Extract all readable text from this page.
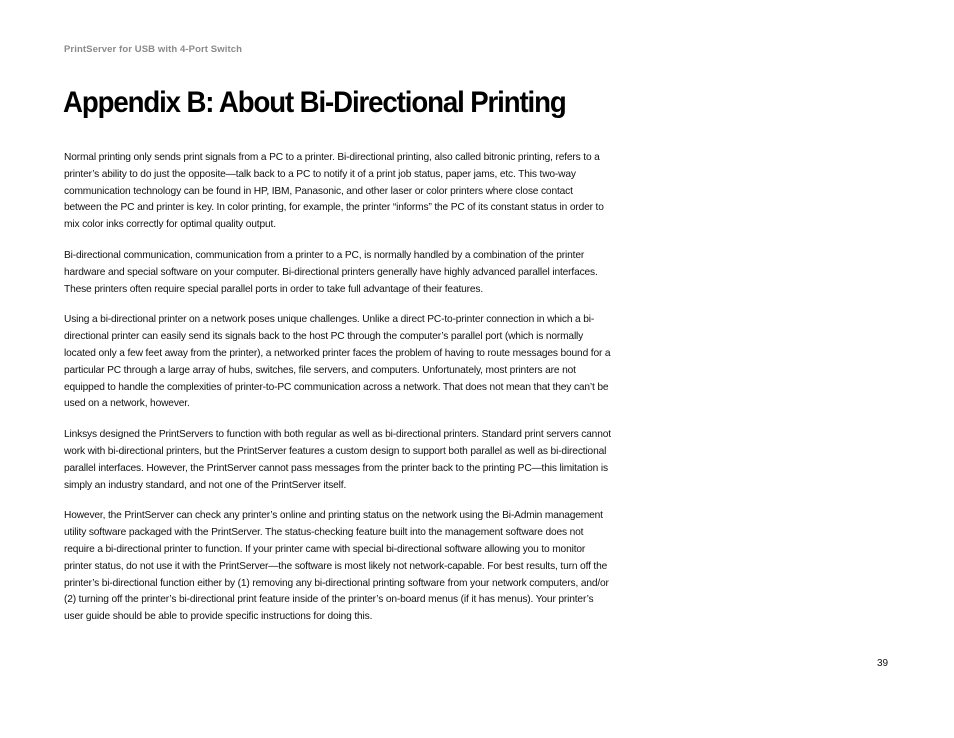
PrintServer for USB with 4-Port Switch
Appendix B: About Bi-Directional Printing

Normal printing only sends print signals from a PC to a printer. Bi-directional printing, also called bitronic printing, refers to a printer’s ability to do just the opposite—talk back to a PC to notify it of a print job status, paper jams, etc. This two-way communication technology can be found in HP, IBM, Panasonic, and other laser or color printers where close contact between the PC and printer is key. In color printing, for example, the printer “informs” the PC of its constant status in order to mix color inks correctly for optimal quality output.

Bi-directional communication, communication from a printer to a PC, is normally handled by a combination of the printer hardware and special software on your computer. Bi-directional printers generally have highly advanced parallel interfaces. These printers often require special parallel ports in order to take full advantage of their features.

Using a bi-directional printer on a network poses unique challenges. Unlike a direct PC-to-printer connection in which a bi-directional printer can easily send its signals back to the host PC through the computer’s parallel port (which is normally located only a few feet away from the printer), a networked printer faces the problem of having to route messages bound for a particular PC through a large array of hubs, switches, file servers, and computers. Unfortunately, most printers are not equipped to handle the complexities of printer-to-PC communication across a network. That does not mean that they can’t be used on a network, however.

Linksys designed the PrintServers to function with both regular as well as bi-directional printers. Standard print servers cannot work with bi-directional printers, but the PrintServer features a custom design to support both parallel as well as bi-directional parallel interfaces. However, the PrintServer cannot pass messages from the printer back to the printing PC—this limitation is simply an industry standard, and not one of the PrintServer itself.

However, the PrintServer can check any printer’s online and printing status on the network using the Bi-Admin management utility software packaged with the PrintServer. The status-checking feature built into the management software does not require a bi-directional printer to function. If your printer came with special bi-directional software allowing you to monitor printer status, do not use it with the PrintServer—the software is most likely not network-capable. For best results, turn off the printer’s bi-directional function either by (1) removing any bi-directional printing software from your network computers, and/or (2) turning off the printer’s bi-directional print feature inside of the printer’s on-board menus (if it has menus). Your printer’s user guide should be able to provide specific instructions for doing this.

39
